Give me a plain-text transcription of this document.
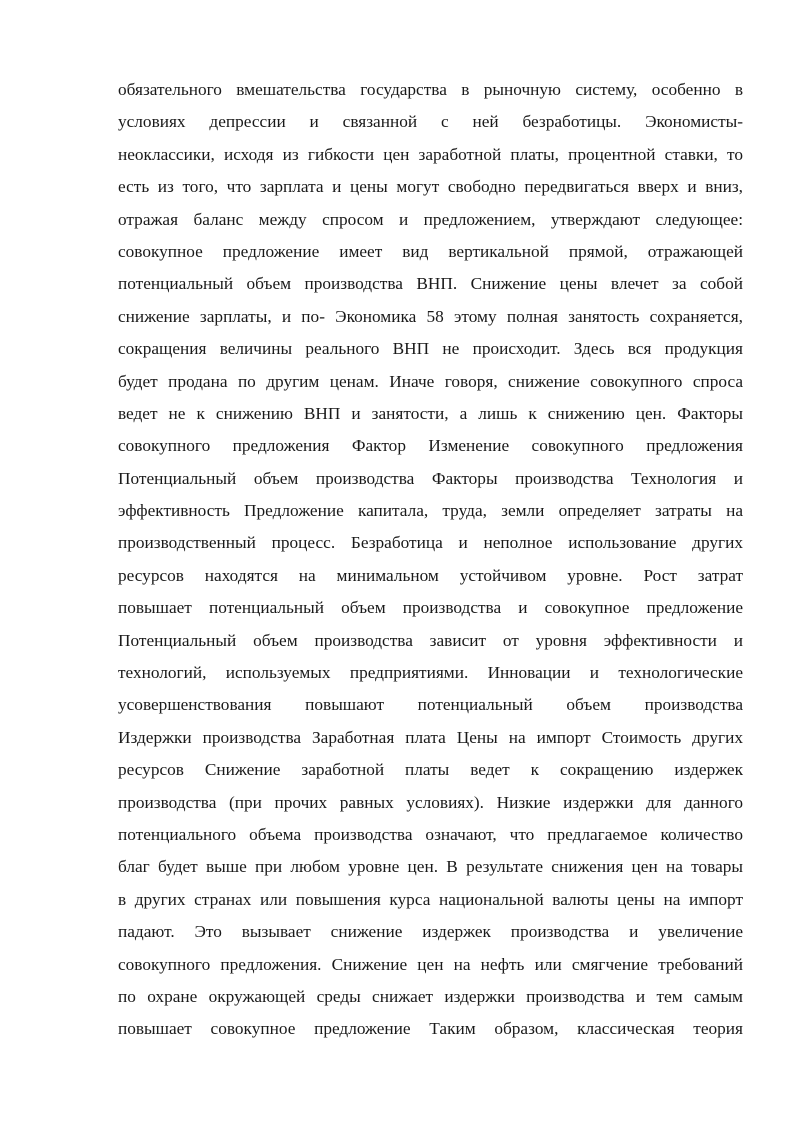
обязательного вмешательства государства в рыночную систему, особенно в
условиях депрессии и связанной с ней безработицы. Экономисты-
неоклассики, исходя из гибкости цен заработной платы, процентной ставки, то
есть из того, что зарплата и цены могут свободно передвигаться вверх и вниз,
отражая баланс между спросом и предложением, утверждают следующее:
совокупное предложение имеет вид вертикальной прямой, отражающей
потенциальный объем производства ВНП. Снижение цены влечет за собой
снижение зарплаты, и по- Экономика 58 этому полная занятость сохраняется,
сокращения величины реального ВНП не происходит. Здесь вся продукция
будет продана по другим ценам. Иначе говоря, снижение совокупного спроса
ведет не к снижению ВНП и занятости, а лишь к снижению цен. Факторы
совокупного предложения Фактор Изменение совокупного предложения
Потенциальный объем производства Факторы производства Технология и
эффективность Предложение капитала, труда, земли определяет затраты на
производственный процесс. Безработица и неполное использование других
ресурсов находятся на минимальном устойчивом уровне. Рост затрат
повышает потенциальный объем производства и совокупное предложение
Потенциальный объем производства зависит от уровня эффективности и
технологий, используемых предприятиями. Инновации и технологические
усовершенствования повышают потенциальный объем производства
Издержки производства Заработная плата Цены на импорт Стоимость других
ресурсов Снижение заработной платы ведет к сокращению издержек
производства (при прочих равных условиях). Низкие издержки для данного
потенциального объема производства означают, что предлагаемое количество
благ будет выше при любом уровне цен. В результате снижения цен на товары
в других странах или повышения курса национальной валюты цены на импорт
падают. Это вызывает снижение издержек производства и увеличение
совокупного предложения. Снижение цен на нефть или смягчение требований
по охране окружающей среды снижает издержки производства и тем самым
повышает совокупное предложение Таким образом, классическая теория
